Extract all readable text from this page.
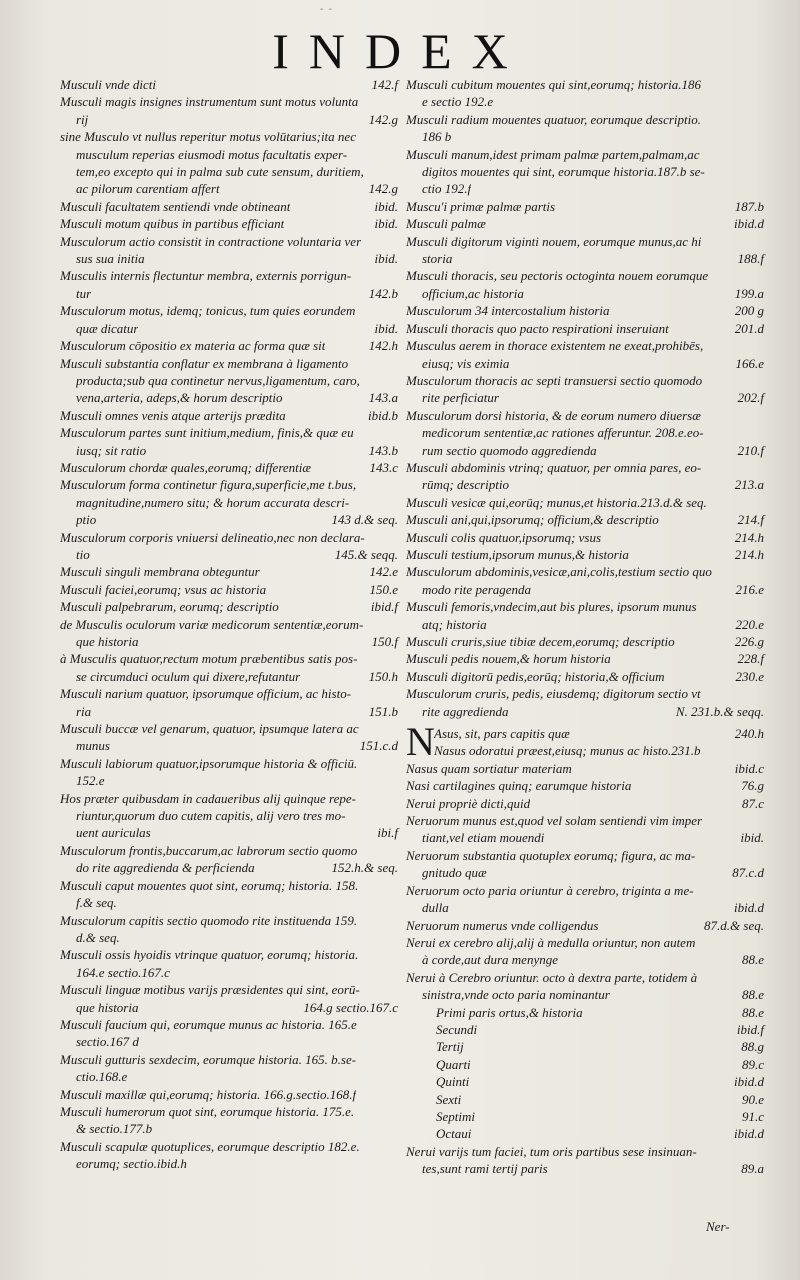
- -
INDEX
Musculi vnde dicti	142.f
Musculi magis insignes instrumentum sunt motus volunta
rij	142.g
sine Musculo vt nullus reperitur motus volūtarius;ita nec
musculum reperias eiusmodi motus facultatis exper-
tem,eo excepto qui in palma sub cute sensum, duritiem,
ac pilorum carentiam affert	142.g
Musculi facultatem sentiendi vnde obtineant	ibid.
Musculi motum quibus in partibus efficiant	ibid.
Musculorum actio consistit in contractione voluntaria ver
sus sua initia	ibid.
Musculis internis flectuntur membra, externis porrigun-
tur	142.b
Musculorum motus, idemq; tonicus, tum quies eorundem
quæ dicatur	ibid.
Musculorum cōpositio ex materia ac forma quæ sit	142.h
Musculi substantia conflatur ex membrana à ligamento
producta;sub qua continetur nervus,ligamentum, caro,
vena,arteria, adeps,& horum descriptio	143.a
Musculi omnes venis atque arterijs prædita	ibid.b
Musculorum partes sunt initium,medium, finis,& quæ eu
iusq; sit ratio	143.b
Musculorum chordæ quales,eorumq; differentiæ	143.c
Musculorum forma continetur figura,superficie,me t.bus,
magnitudine,numero situ; & horum accurata descri-
ptio	143 d.& seq.
Musculorum corporis vniuersi delineatio,nec non declara-
tio	145.& seqq.
Musculi singuli membrana obteguntur	142.e
Musculi faciei,eorumq; vsus ac historia	150.e
Musculi palpebrarum, eorumq; descriptio	ibid.f
de Musculis oculorum variæ medicorum sententiæ,eorum-
que historia	150.f
à Musculis quatuor,rectum motum præbentibus satis pos-
se circumduci oculum qui dixere,refutantur	150.h
Musculi narium quatuor, ipsorumque officium, ac histo-
ria	151.b
Musculi buccæ vel genarum, quatuor, ipsumque latera ac
munus	151.c.d
Musculi labiorum quatuor,ipsorumque historia & officiū.
152.e
Hos præter quibusdam in cadaueribus alij quinque repe-
riuntur,quorum duo cutem capitis, alij vero tres mo-
uent auriculas	ibi.f
Musculorum frontis,buccarum,ac labrorum sectio quomo
do rite aggredienda & perficienda	152.h.& seq.
Musculi caput mouentes quot sint, eorumq; historia. 158.
f.& seq.
Musculorum capitis sectio quomodo rite instituenda 159.
d.& seq.
Musculi ossis hyoidis vtrinque quatuor, eorumq; historia.
164.e sectio.167.c
Musculi linguæ motibus varijs præsidentes qui sint, eorū-
que historia	164.g sectio.167.c
Musculi faucium qui, eorumque munus ac historia. 165.e
sectio.167 d
Musculi gutturis sexdecim, eorumque historia. 165. b.se-
ctio.168.e
Musculi maxillæ qui,eorumq; historia. 166.g.sectio.168.f
Musculi humerorum quot sint, eorumque historia. 175.e.
& sectio.177.b
Musculi scapulæ quotuplices, eorumque descriptio 182.e.
eorumq; sectio.ibid.h
Musculi cubitum mouentes qui sint,eorumq; historia.186
e sectio 192.e
Musculi radium mouentes quatuor, eorumque descriptio.
186 b
Musculi manum,idest primam palmæ partem,palmam,ac
digitos mouentes qui sint, eorumque historia.187.b se-
ctio 192.f
Muscu'i primæ palmæ partis	187.b
Musculi palmæ	ibid.d
Musculi digitorum viginti nouem, eorumque munus,ac hi
storia	188.f
Musculi thoracis, seu pectoris octoginta nouem eorumque
officium,ac historia	199.a
Musculorum 34 intercostalium historia	200 g
Musculi thoracis quo pacto respirationi inseruiant	201.d
Musculus aerem in thorace existentem ne exeat,prohibēs,
eiusq; vis eximia	166.e
Musculorum thoracis ac septi transuersi sectio quomodo
rite perficiatur	202.f
Musculorum dorsi historia, & de eorum numero diuersæ
medicorum sententiæ,ac rationes afferuntur. 208.e.eo-
rum sectio quomodo aggredienda	210.f
Musculi abdominis vtrinq; quatuor, per omnia pares, eo-
rūmq; descriptio	213.a
Musculi vesicæ qui,eorūq; munus,et historia.213.d.& seq.
Musculi ani,qui,ipsorumq; officium,& descriptio	214.f
Musculi colis quatuor,ipsorumq; vsus	214.h
Musculi testium,ipsorum munus,& historia	214.h
Musculorum abdominis,vesicæ,ani,colis,testium sectio quo
modo rite peragenda	216.e
Musculi femoris,vndecim,aut bis plures, ipsorum munus
atq; historia	220.e
Musculi cruris,siue tibiæ decem,eorumq; descriptio	226.g
Musculi pedis nouem,& horum historia	228.f
Musculi digitorū pedis,eorūq; historia,& officium	230.e
Musculorum cruris, pedis, eiusdemq; digitorum sectio vt
rite aggredienda	N. 231.b.& seqq.
N Asus, sit, pars capitis quæ	240.h
Nasus odoratui præest,eiusq; munus ac histo.231.b
Nasus quam sortiatur materiam	ibid.c
Nasi cartilagines quinq; earumque historia	76.g
Nerui propriè dicti,quid	87.c
Neruorum munus est,quod vel solam sentiendi vim imper
tiant,vel etiam mouendi	ibid.
Neruorum substantia quotuplex eorumq; figura, ac ma-
gnitudo quæ	87.c.d
Neruorum octo paria oriuntur à cerebro, triginta a me-
dulla	ibid.d
Neruorum numerus vnde colligendus	87.d.& seq.
Nerui ex cerebro alij,alij à medulla oriuntur, non autem
à corde,aut dura menynge	88.e
Nerui à Cerebro oriuntur. octo à dextra parte, totidem à
sinistra,vnde octo paria nominantur	88.e
Primi paris ortus,& historia	88.e
Secundi	ibid.f
Tertij	88.g
Quarti	89.c
Quinti	ibid.d
Sexti	90.e
Septimi	91.c
Octaui	ibid.d
Nerui varijs tum faciei, tum oris partibus sese insinuan-
tes,sunt rami tertij paris	89.a
Ner-
